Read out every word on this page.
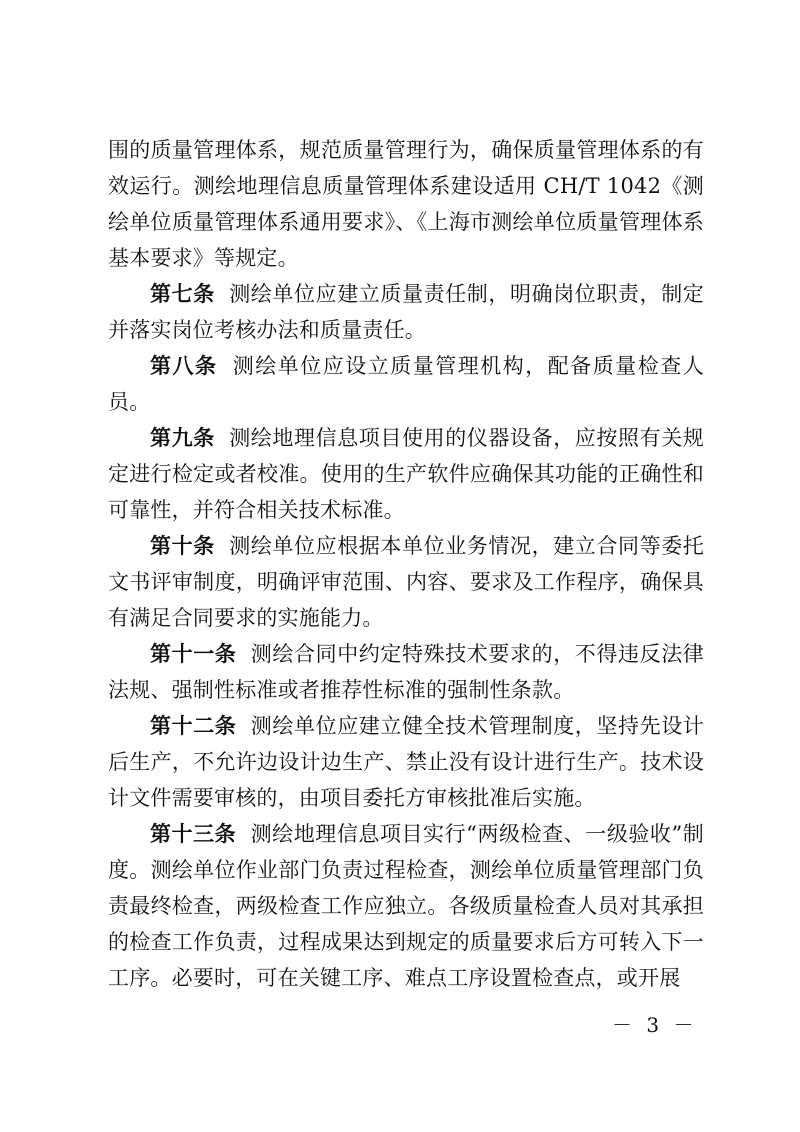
围的质量管理体系，规范质量管理行为，确保质量管理体系的有效运行。测绘地理信息质量管理体系建设适用 CH/T 1042《测绘单位质量管理体系通用要求》、《上海市测绘单位质量管理体系基本要求》等规定。

第七条 测绘单位应建立质量责任制，明确岗位职责，制定并落实岗位考核办法和质量责任。

第八条 测绘单位应设立质量管理机构，配备质量检查人员。

第九条 测绘地理信息项目使用的仪器设备，应按照有关规定进行检定或者校准。使用的生产软件应确保其功能的正确性和可靠性，并符合相关技术标准。

第十条 测绘单位应根据本单位业务情况，建立合同等委托文书评审制度，明确评审范围、内容、要求及工作程序，确保具有满足合同要求的实施能力。

第十一条 测绘合同中约定特殊技术要求的，不得违反法律法规、强制性标准或者推荐性标准的强制性条款。

第十二条 测绘单位应建立健全技术管理制度，坚持先设计后生产，不允许边设计边生产、禁止没有设计进行生产。技术设计文件需要审核的，由项目委托方审核批准后实施。

第十三条 测绘地理信息项目实行“两级检查、一级验收”制度。测绘单位作业部门负责过程检查，测绘单位质量管理部门负责最终检查，两级检查工作应独立。各级质量检查人员对其承担的检查工作负责，过程成果达到规定的质量要求后方可转入下一工序。必要时，可在关键工序、难点工序设置检查点，或开展

－ 3 －
